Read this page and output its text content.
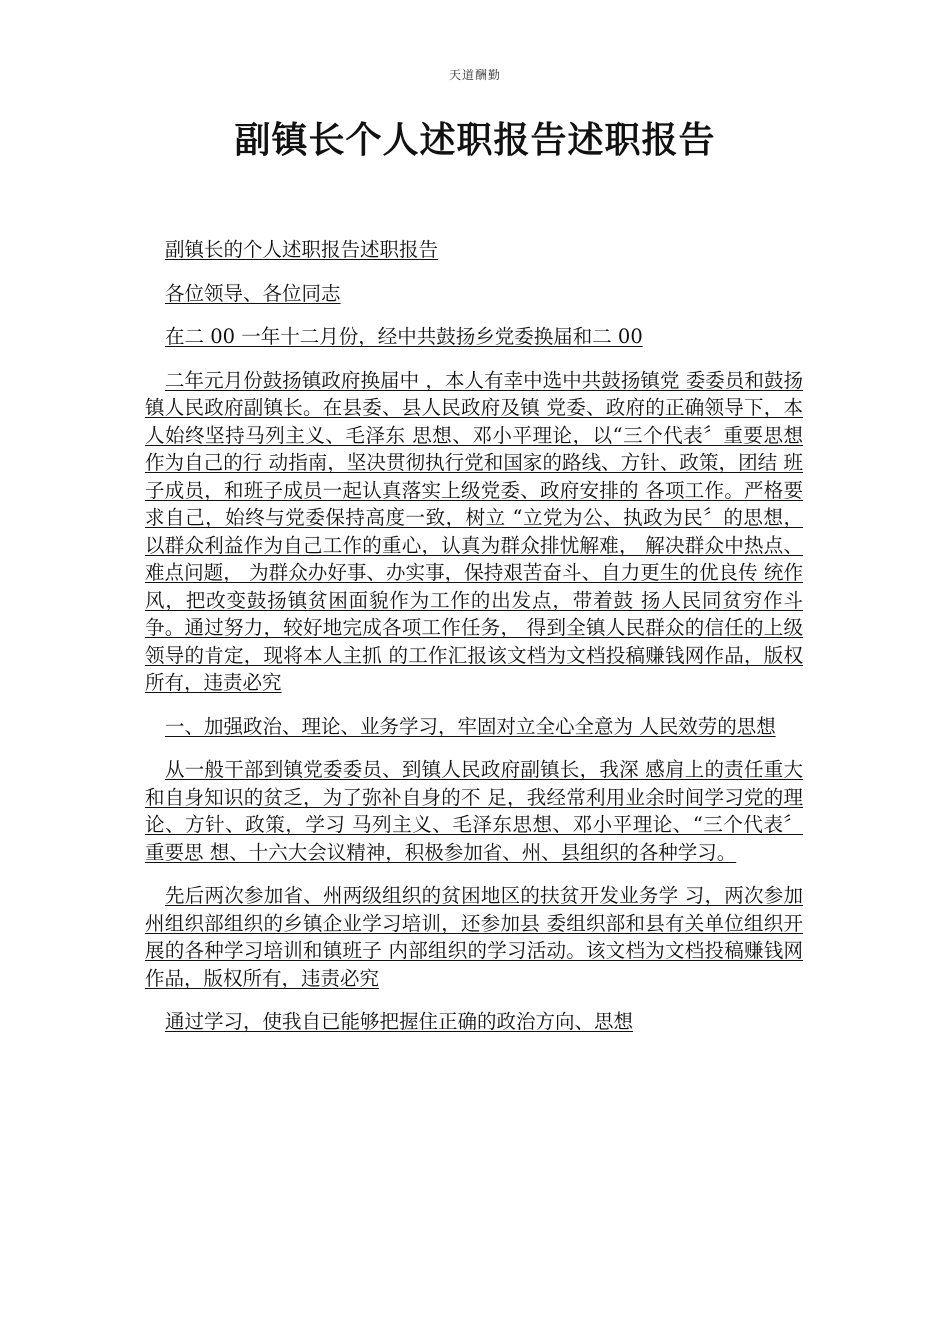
天道酬勤
副镇长个人述职报告述职报告

副镇长的个人述职报告述职报告

各位领导、各位同志

在二 00 一年十二月份，经中共鼓扬乡党委换届和二 00

二年元月份鼓扬镇政府换届中 ，本人有幸中选中共鼓扬镇党 委委员和鼓扬镇人民政府副镇长。在县委、县人民政府及镇 党委、政府的正确领导下，本人始终坚持马列主义、毛泽东 思想、邓小平理论，以“三个代表〞重要思想作为自己的行 动指南，坚决贯彻执行党和国家的路线、方针、政策，团结 班子成员，和班子成员一起认真落实上级党委、政府安排的 各项工作。严格要求自己，始终与党委保持高度一致，树立 “立党为公、执政为民〞的思想，以群众利益作为自己工作的重心，认真为群众排忧解难， 解决群众中热点、难点问题， 为群众办好事、办实事，保持艰苦奋斗、自力更生的优良传 统作风，把改变鼓扬镇贫困面貌作为工作的出发点，带着鼓 扬人民同贫穷作斗争。通过努力，较好地完成各项工作任务， 得到全镇人民群众的信任的上级领导的肯定，现将本人主抓 的工作汇报该文档为文档投稿赚钱网作品，版权所有，违责必究

一、加强政治、理论、业务学习，牢固对立全心全意为 人民效劳的思想

从一般干部到镇党委委员、到镇人民政府副镇长，我深 感肩上的责任重大和自身知识的贫乏，为了弥补自身的不 足，我经常利用业余时间学习党的理论、方针、政策，学习 马列主义、毛泽东思想、邓小平理论、“三个代表〞重要思 想、十六大会议精神，积极参加省、州、县组织的各种学习。

先后两次参加省、州两级组织的贫困地区的扶贫开发业务学 习，两次参加州组织部组织的乡镇企业学习培训，还参加县 委组织部和县有关单位组织开展的各种学习培训和镇班子 内部组织的学习活动。该文档为文档投稿赚钱网作品，版权所有，违责必究

通过学习，使我自已能够把握住正确的政治方向、思想
